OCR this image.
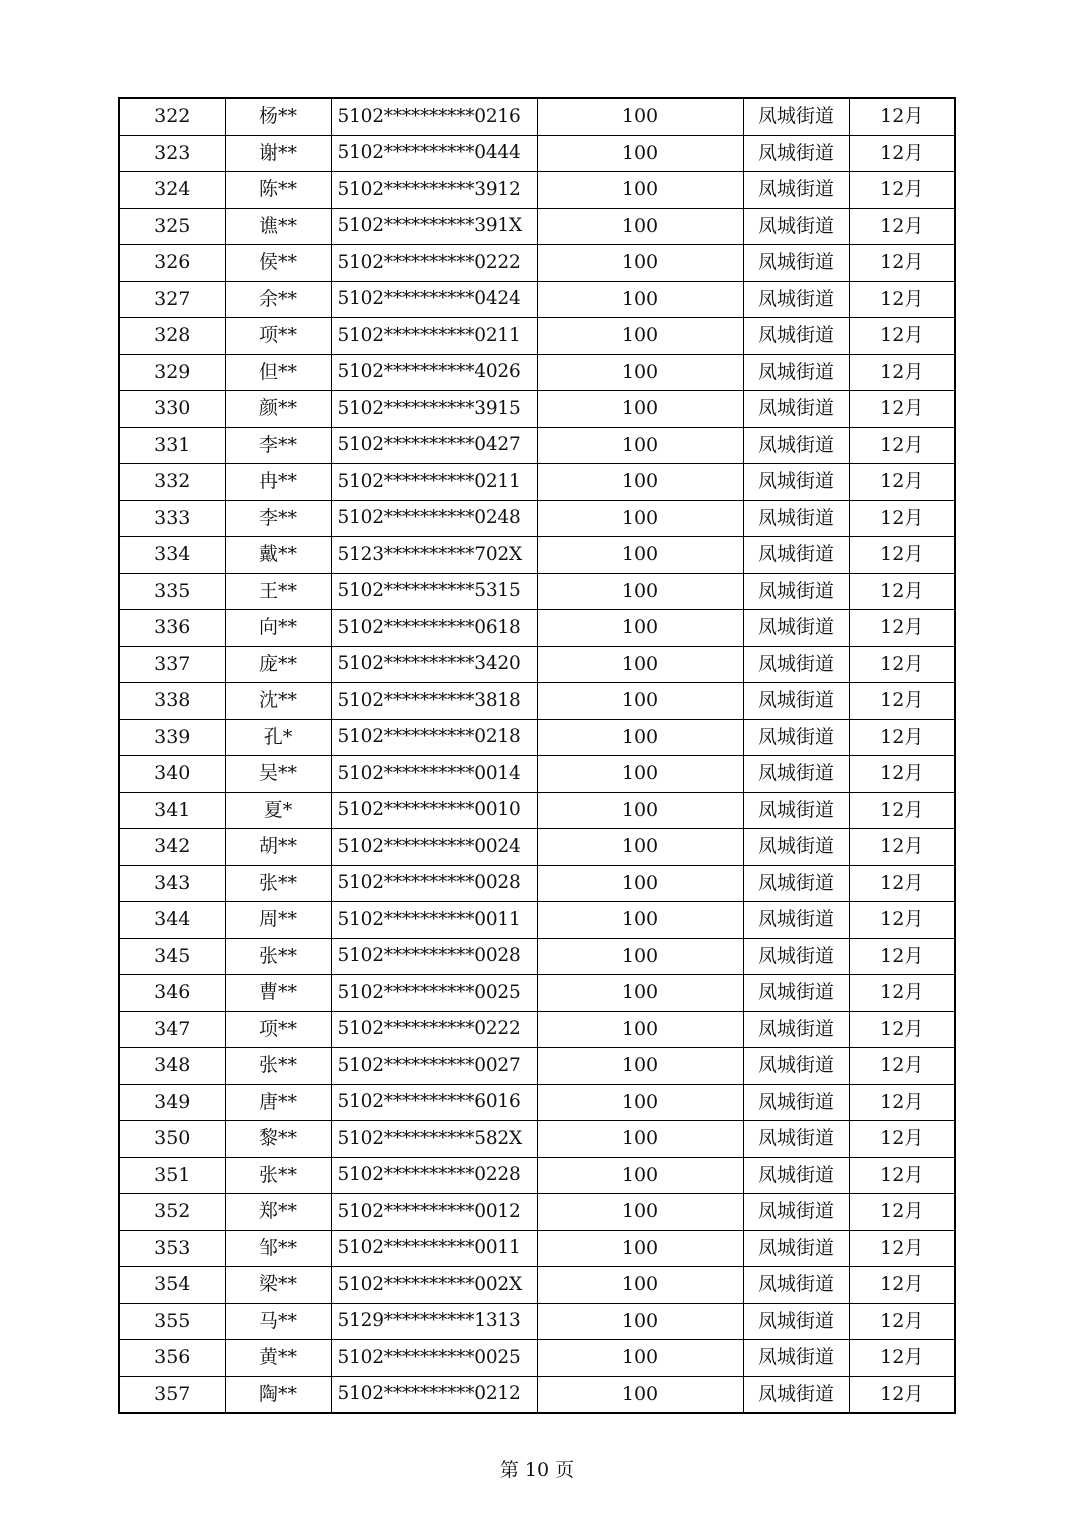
322	杨**	5102**********0216	100	凤城街道	12月
323	谢**	5102**********0444	100	凤城街道	12月
324	陈**	5102**********3912	100	凤城街道	12月
325	谯**	5102**********391X	100	凤城街道	12月
326	侯**	5102**********0222	100	凤城街道	12月
327	余**	5102**********0424	100	凤城街道	12月
328	项**	5102**********0211	100	凤城街道	12月
329	但**	5102**********4026	100	凤城街道	12月
330	颜**	5102**********3915	100	凤城街道	12月
331	李**	5102**********0427	100	凤城街道	12月
332	冉**	5102**********0211	100	凤城街道	12月
333	李**	5102**********0248	100	凤城街道	12月
334	戴**	5123**********702X	100	凤城街道	12月
335	王**	5102**********5315	100	凤城街道	12月
336	向**	5102**********0618	100	凤城街道	12月
337	庞**	5102**********3420	100	凤城街道	12月
338	沈**	5102**********3818	100	凤城街道	12月
339	孔*	5102**********0218	100	凤城街道	12月
340	吴**	5102**********0014	100	凤城街道	12月
341	夏*	5102**********0010	100	凤城街道	12月
342	胡**	5102**********0024	100	凤城街道	12月
343	张**	5102**********0028	100	凤城街道	12月
344	周**	5102**********0011	100	凤城街道	12月
345	张**	5102**********0028	100	凤城街道	12月
346	曹**	5102**********0025	100	凤城街道	12月
347	项**	5102**********0222	100	凤城街道	12月
348	张**	5102**********0027	100	凤城街道	12月
349	唐**	5102**********6016	100	凤城街道	12月
350	黎**	5102**********582X	100	凤城街道	12月
351	张**	5102**********0228	100	凤城街道	12月
352	郑**	5102**********0012	100	凤城街道	12月
353	邹**	5102**********0011	100	凤城街道	12月
354	梁**	5102**********002X	100	凤城街道	12月
355	马**	5129**********1313	100	凤城街道	12月
356	黄**	5102**********0025	100	凤城街道	12月
357	陶**	5102**********0212	100	凤城街道	12月
第 10 页
